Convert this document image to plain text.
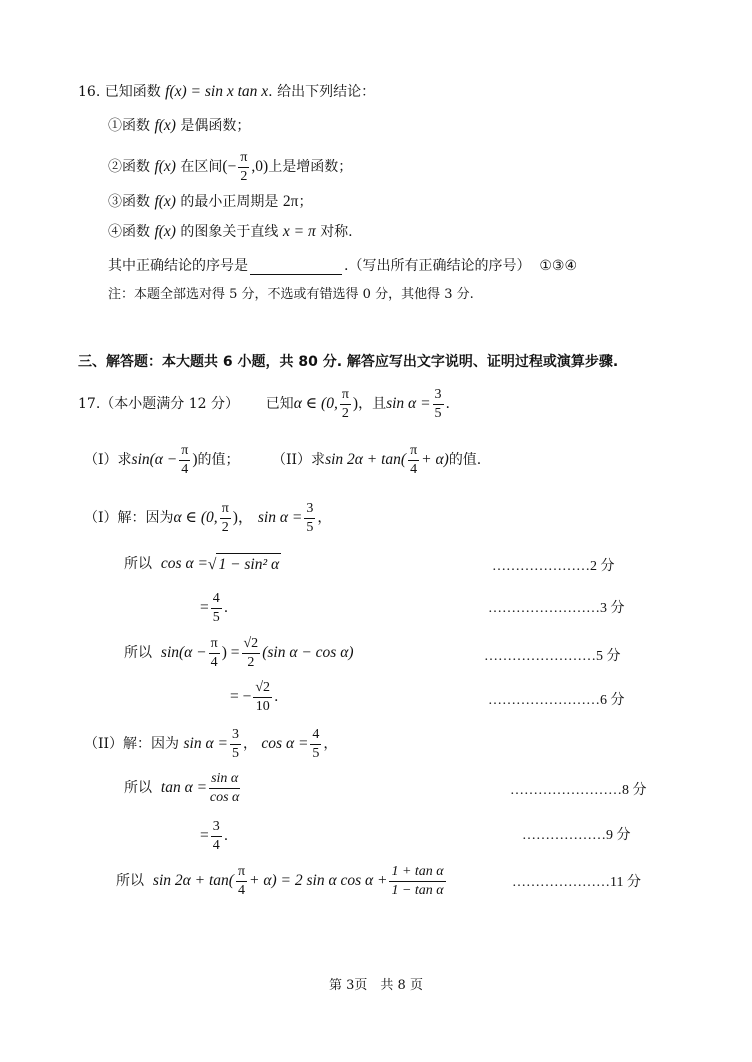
16. 已知函数
f(x) = sin x tan x . 给出下列结论：
①函数
f(x)
是偶函数；
②函数
f(x)
在区间 (− $\frac{\pi}{2} ,0$) 上是增函数；
③函数
f(x)
的最小正周期是
2π ；
④函数
f(x)
的图象关于直线
x = π
对称.
其中正确结论的序号是	.（写出所有正确结论的序号）
①③④
注：本题全部选对得 5 分，不选或有错选得 0 分，其他得 3 分.
三、解答题：本大题共 6 小题，共 80 分. 解答应写出文字说明、证明过程或演算步骤.
17.（本小题满分 12 分）
已知 α ∈ (0, $\frac{\pi}{2}$ ) ，且 $\sin \alpha = \frac{3}{5}$ .
（I）求 $\sin(\alpha - \frac{\pi}{4}$ ) 的值； （II）求 $\sin 2\alpha + \tan( \frac{\pi}{4} + \alpha)$ 的值.
（I）解：因为 α ∈ (0, $\frac{\pi}{2}$ )，
$\sin \alpha = \frac{3}{5}$ ，
所以
cos α = √ 1 − sin² α	…………………2 分
= $\frac{4}{5}$ .	……………………3 分
所以
$\sin(\alpha - \frac{\pi}{4}$ ) = $\frac{√2}{2} (\sin$ α − cos α)	……………………5 分
= − $\frac{√2}{10}$ .	……………………6 分
（II）解：因为
$\sin \alpha = \frac{3}{5}$ ，
$\cos \alpha = \frac{4}{5}$ ，
所以
$\tan \alpha = \frac{\text{sin α}}{\text{cos α}}$	……………………8 分
= $\frac{3}{4}$ .	………………9 分
所以
$\sin 2\alpha + \tan( \frac{\pi}{4} + \alpha) = 2$ sin α $\cos \alpha + \frac{\text{1 + tan α}}{\text{1 − tan α}}$	…………………11 分
第 3页　共 8 页
